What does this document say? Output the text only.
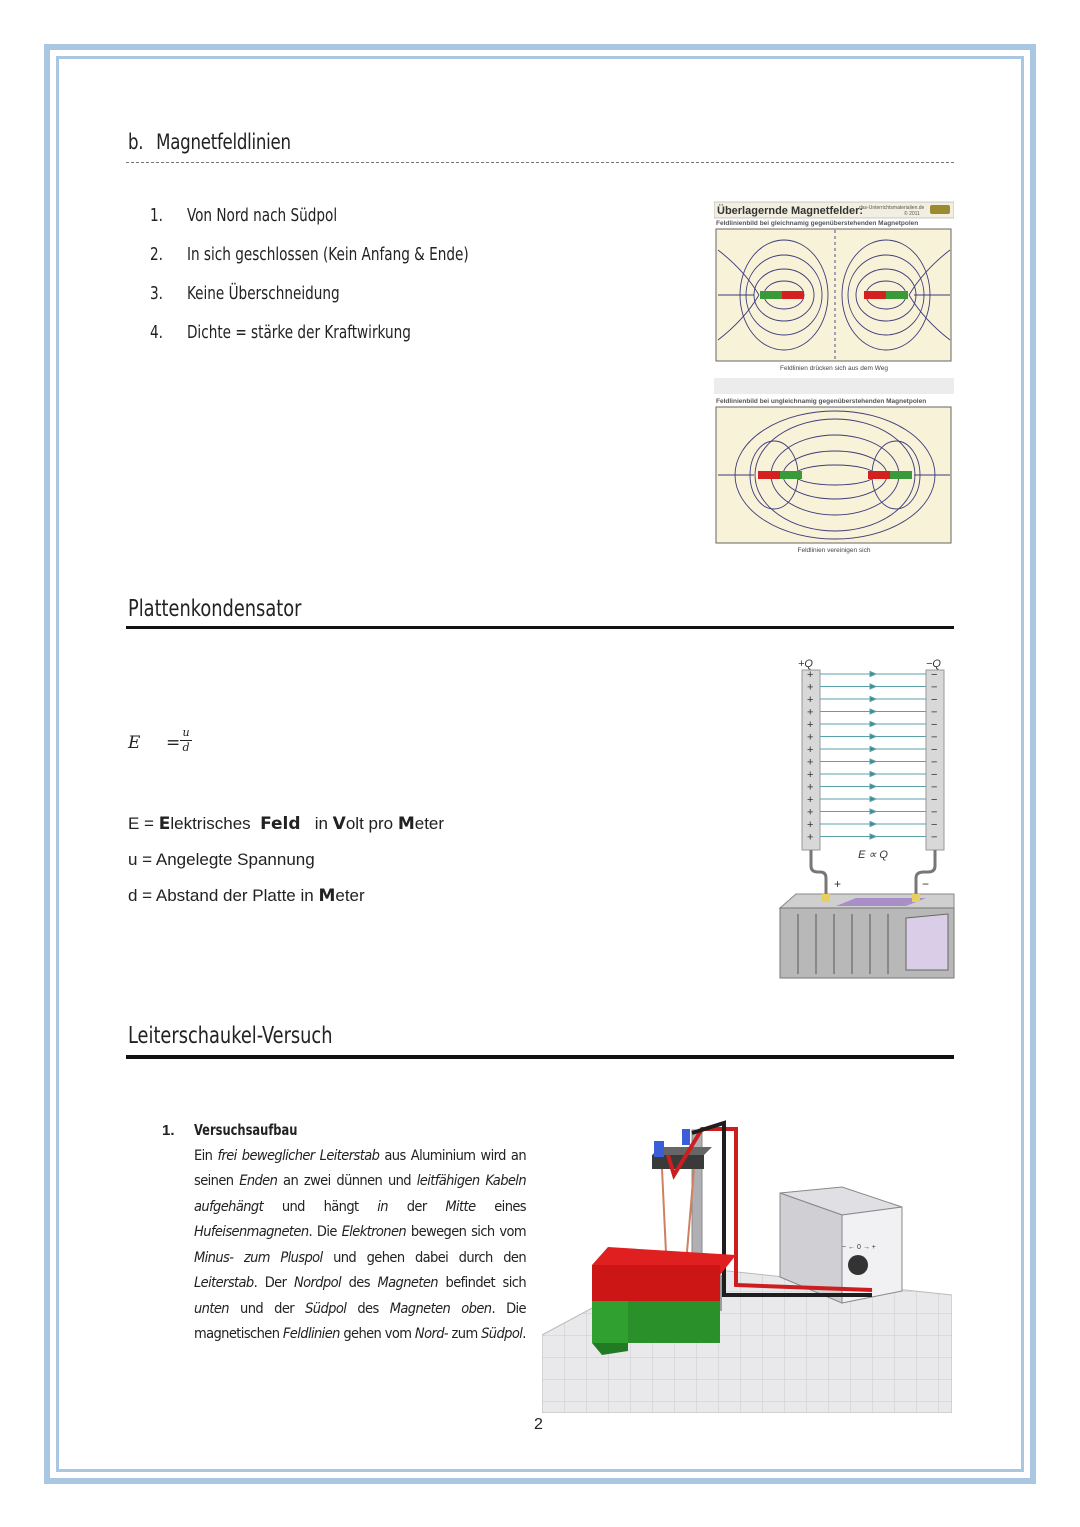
b. Magnetfeldlinien
1. Von Nord nach Südpol
2. In sich geschlossen (Kein Anfang & Ende)
3. Keine Überschneidung
4. Dichte = stärke der Kraftwirkung
Überlagernde Magnetfelder:
das-Unterrichtsmaterialien.de
© 2011
Feldlinienbild bei gleichnamig gegenüberstehenden Magnetpolen
Feldlinien drücken sich aus dem Weg
Feldlinienbild bei ungleichnamig gegenüberstehenden Magnetpolen
Feldlinien vereinigen sich
Plattenkondensator
E =
u
d
E = Elektrisches  Feld   in Volt pro Meter
u = Angelegte Spannung
d = Abstand der Platte in Meter
+Q	−Q
+	−
+	−
+	−
+	−
+	−
+	−
+	−
+	−
+	−
+	−
+	−
+	−
+	−
+	−
E ∝ Q
+	−
Leiterschaukel-Versuch
1. Versuchsaufbau
Ein frei beweglicher Leiterstab aus Aluminium wird an seinen Enden an zwei dünnen und leitfähigen Kabeln aufgehängt und hängt in der Mitte eines Hufeisenmagneten. Die Elektronen bewegen sich vom Minus- zum Pluspol und gehen dabei durch den Leiterstab. Der Nordpol des Magneten befindet sich unten und der Südpol des Magneten oben. Die magnetischen Feldlinien gehen vom Nord- zum Südpol.
− ← 0 → +
2
